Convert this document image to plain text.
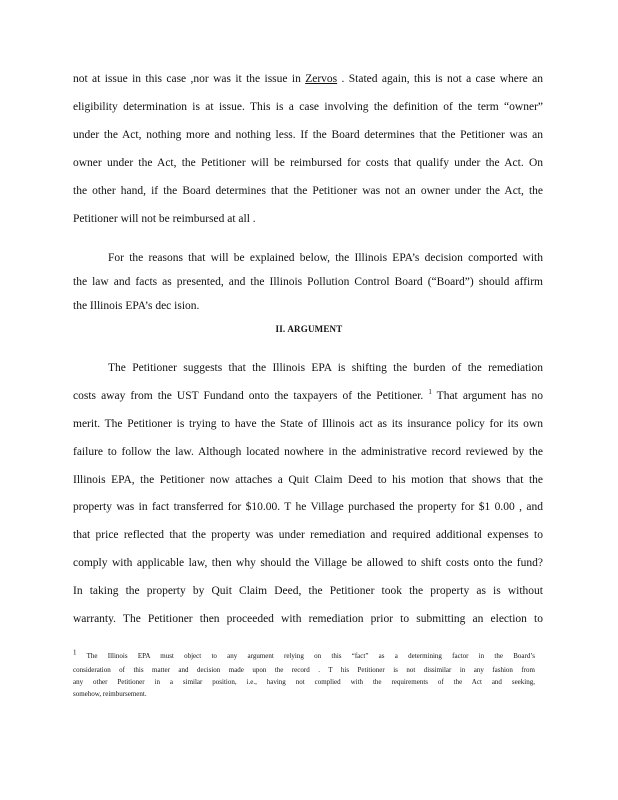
not at issue in this case ,nor was it the issue in Zervos . Stated again, this is not a case where an
eligibility determination is at issue. This is a case involving the definition of the term “owner”
under the Act, nothing more and nothing less. If the Board determines that the Petitioner was an
owner under the Act, the Petitioner will be reimbursed for costs that qualify under the Act. On
the other hand, if the Board determines that the Petitioner was not an owner under the Act, the
Petitioner will not be reimbursed at all .
For the reasons that will be explained below, the Illinois EPA’s decision comported with
the law and facts as presented, and the Illinois Pollution Control Board (“Board”) should affirm
the Illinois EPA’s dec ision.
II. ARGUMENT
The Petitioner suggests that the Illinois EPA is shifting the burden of the remediation
costs away from the UST Fundand onto the taxpayers of the Petitioner. $^1$ That argument has no
merit. The Petitioner is trying to have the State of Illinois act as its insurance policy for its own
failure to follow the law. Although located nowhere in the administrative record reviewed by the
Illinois EPA, the Petitioner now attaches a Quit Claim Deed to his motion that shows that the
property was in fact transferred for $10.00. T he Village purchased the property for $1 0.00 , and
that price reflected that the property was under remediation and required additional expenses to
comply with applicable law, then why should the Village be allowed to shift costs onto the fund?
In taking the property by Quit Claim Deed, the Petitioner took the property as is without
warranty. The Petitioner then proceeded with remediation prior to submitting an election to
$^1$ The Illinois EPA must object to any argument relying on this “fact” as a determining factor in the Board’s
consideration of this matter and decision made upon the record . T his Petitioner is not dissimilar in any fashion from
any other Petitioner in a similar position, i.e., having not complied with the requirements of the Act and seeking,
somehow, reimbursement.
